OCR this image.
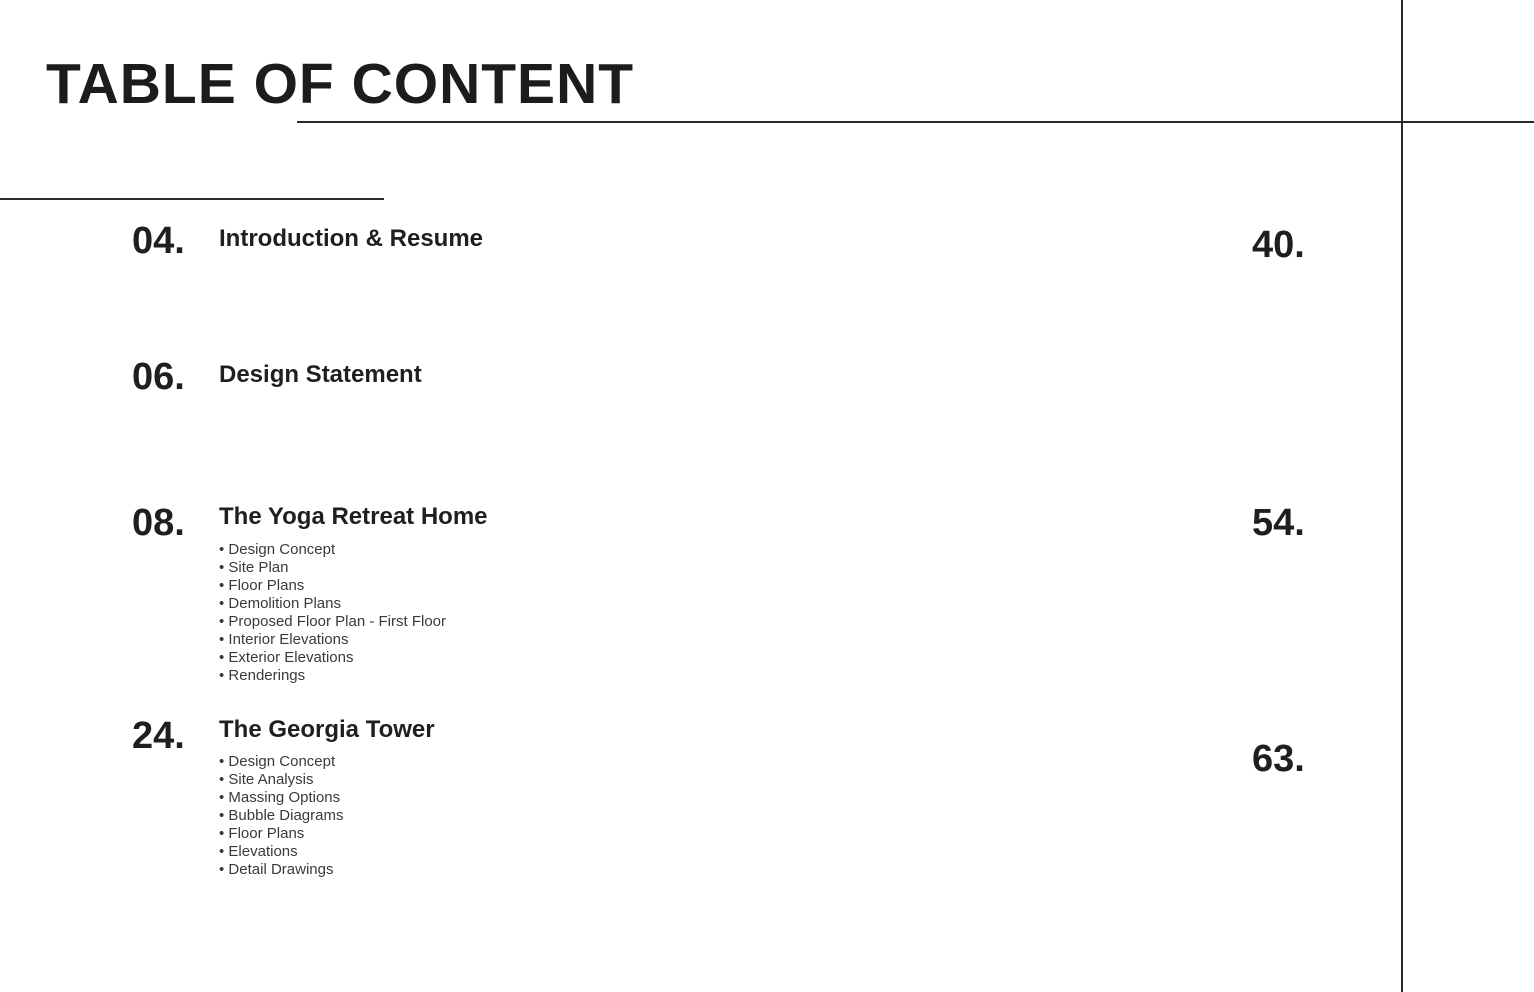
TABLE OF CONTENT
04. Introduction & Resume
06. Design Statement
08. The Yoga Retreat Home
• Design Concept
• Site Plan
• Floor Plans
• Demolition Plans
• Proposed Floor Plan - First Floor
• Interior Elevations
• Exterior Elevations
• Renderings
24. The Georgia Tower
• Design Concept
• Site Analysis
• Massing Options
• Bubble Diagrams
• Floor Plans
• Elevations
• Detail Drawings
40.
54.
63.
